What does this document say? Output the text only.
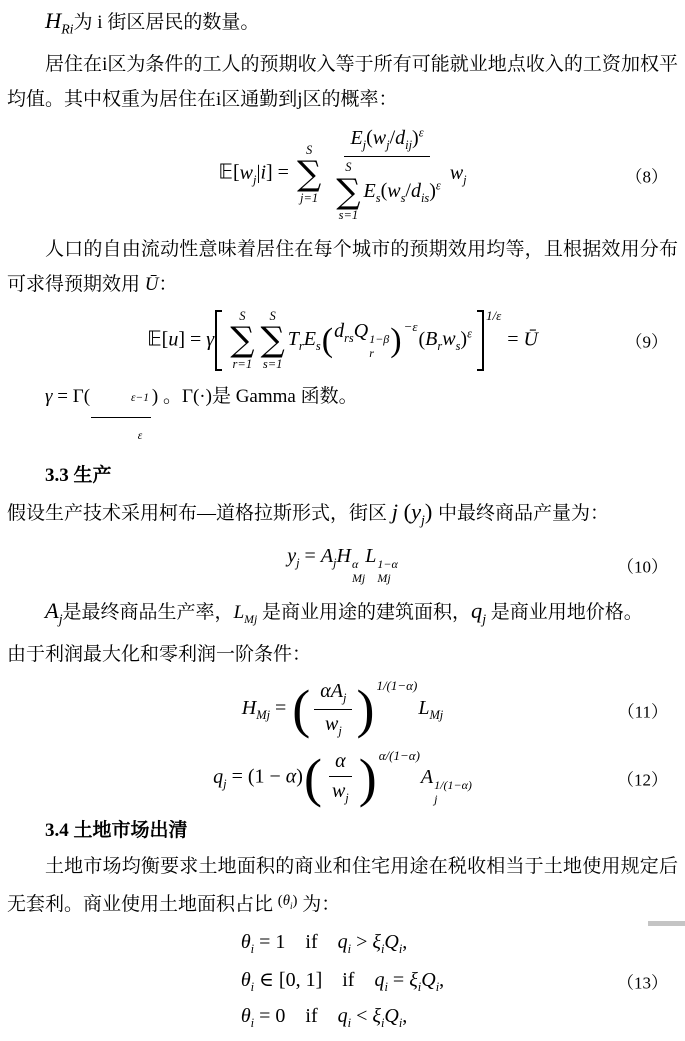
$H_{Ri}$为 i 街区居民的数量。
居住在i区为条件的工人的预期收入等于所有可能就业地点收入的工资加权平均值。其中权重为居住在i区通勤到j区的概率：
$𝔼[w_j|i]$ =
S
∑
j=1 $E_j(w_j/d_{ij})^\varepsilon$
S
∑
s=1
$E_s(w_s/d_{is})^\varepsilon$ $w_j$	（8）
人口的自由流动性意味着居住在每个城市的预期效用均等，且根据效用分布可求得预期效用 Ū：
𝔼[u] = γ
S
∑
r=1
S
∑
s=1
$T_rE_s$ ( $d_{rs}Q$ 1−β
r ) −ε
$(B_rw_s)^\varepsilon$
1/ε
= Ū	（9）
$\gamma = \Gamma( \frac{\varepsilon-1}{\varepsilon}$ ) 。Γ(·)是 Gamma 函数。
3.3 生产
假设生产技术采用柯布—道格拉斯形式，街区 j $(y_j)$ 中最终商品产量为：
$y_j = A_jH$ α
Mj
L 1−α
Mj
（10）
$A_j$是最终商品生产率，$L_{Mj}$ 是商业用途的建筑面积，$q_j$ 是商业用地价格。
由于利润最大化和零利润一阶条件：
$H_{Mj}$ = ( $\frac{\alpha A_j}{w_j}$ ) 1/(1−α)
$L_{Mj}$	（11）
$q_j = (1 - \alpha)$ ( $\frac{\alpha}{w_j}$ ) α/(1−α)
A 1/(1−α)
j
（12）
3.4 土地市场出清
土地市场均衡要求土地面积的商业和住宅用途在税收相当于土地使用规定后无套利。商业使用土地面积占比 $^{(\theta_i)}$ 为：
$\theta_i = 1$ if $q_i > \xi_iQ_i$,
$\theta_i$ ∈ [0, 1] if $q_i = \xi_iQ_i$,
$\theta_i = 0$ if $q_i < \xi_iQ_i$,
（13）
